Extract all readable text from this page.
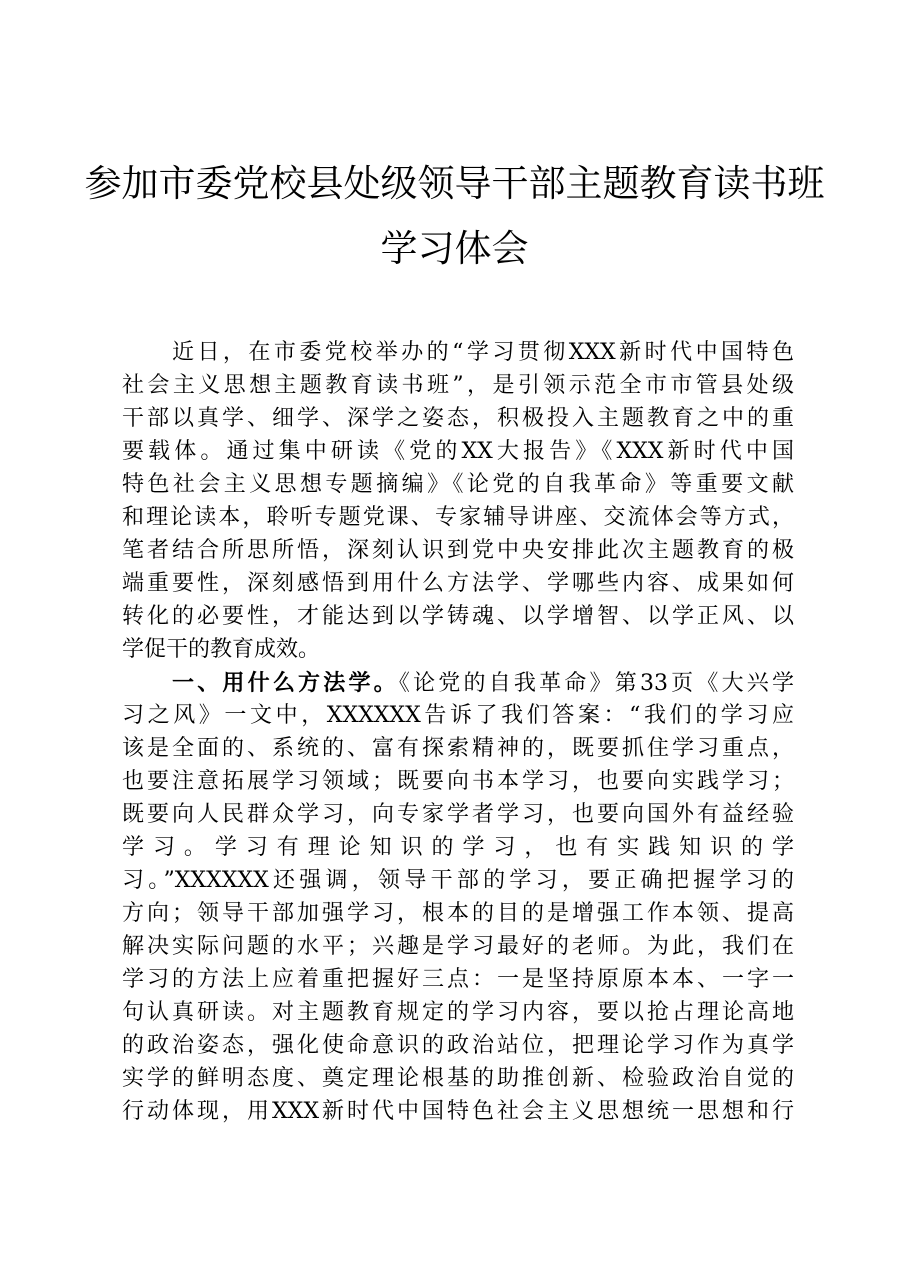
参加市委党校县处级领导干部主题教育读书班
学习体会
近日，在市委党校举办的“学习贯彻XXX新时代中国特色
社会主义思想主题教育读书班”，是引领示范全市市管县处级
干部以真学、细学、深学之姿态，积极投入主题教育之中的重
要载体。通过集中研读《党的XX大报告》《XXX新时代中国
特色社会主义思想专题摘编》《论党的自我革命》等重要文献
和理论读本，聆听专题党课、专家辅导讲座、交流体会等方式，
笔者结合所思所悟，深刻认识到党中央安排此次主题教育的极
端重要性，深刻感悟到用什么方法学、学哪些内容、成果如何
转化的必要性，才能达到以学铸魂、以学增智、以学正风、以
学促干的教育成效。
一、用什么方法学。《论党的自我革命》第33页《大兴学
习之风》一文中，XXXXXX告诉了我们答案：“我们的学习应
该是全面的、系统的、富有探索精神的，既要抓住学习重点，
也要注意拓展学习领域；既要向书本学习，也要向实践学习；
既要向人民群众学习，向专家学者学习，也要向国外有益经验
学习。学习有理论知识的学习，也有实践知识的学
习。”XXXXXX还强调，领导干部的学习，要正确把握学习的
方向；领导干部加强学习，根本的目的是增强工作本领、提高
解决实际问题的水平；兴趣是学习最好的老师。为此，我们在
学习的方法上应着重把握好三点：一是坚持原原本本、一字一
句认真研读。对主题教育规定的学习内容，要以抢占理论高地
的政治姿态，强化使命意识的政治站位，把理论学习作为真学
实学的鲜明态度、奠定理论根基的助推创新、检验政治自觉的
行动体现，用XXX新时代中国特色社会主义思想统一思想和行
